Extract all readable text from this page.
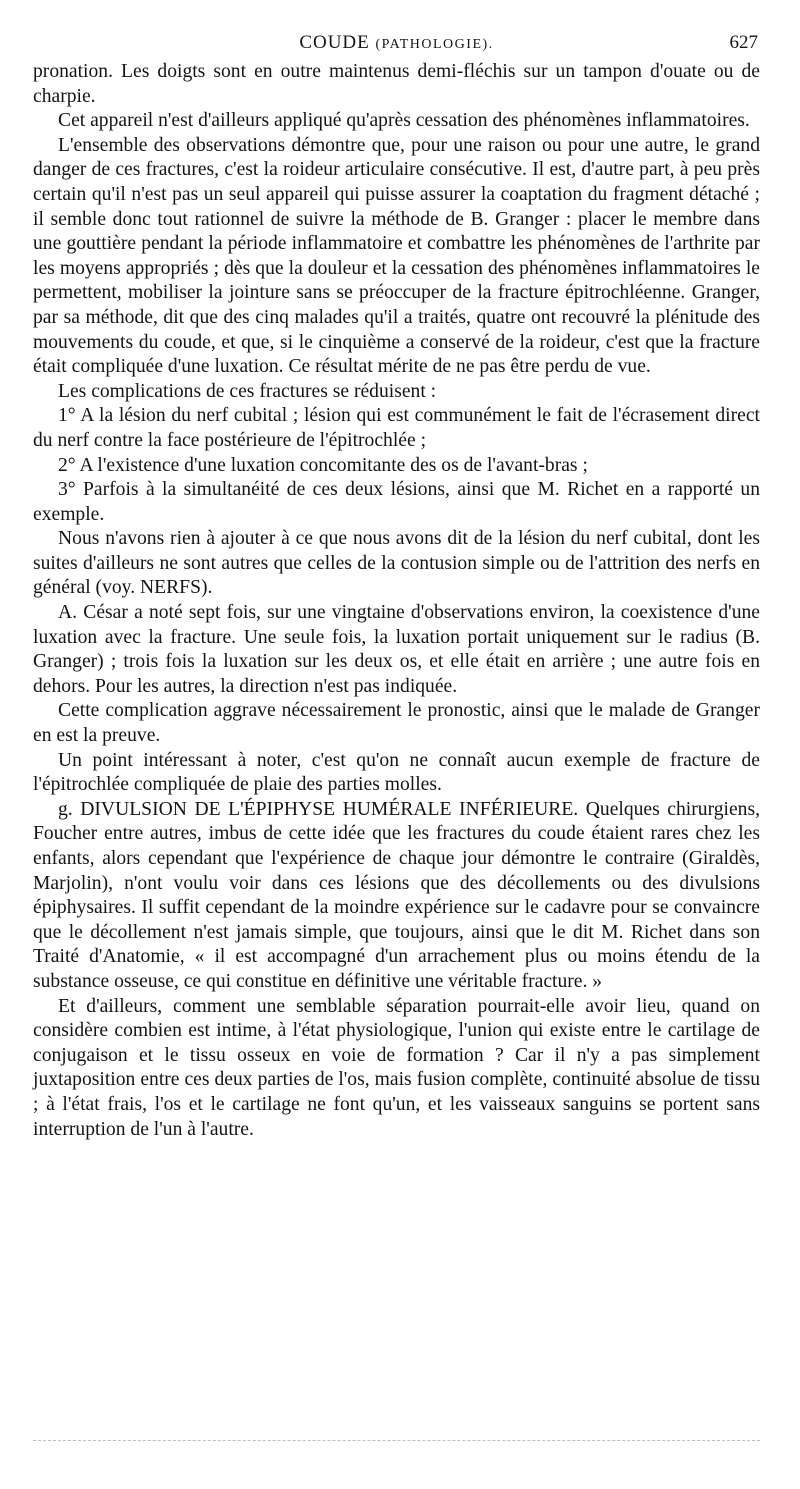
COUDE (PATHOLOGIE).	627

pronation. Les doigts sont en outre maintenus demi-fléchis sur un tampon d'ouate ou de charpie.

Cet appareil n'est d'ailleurs appliqué qu'après cessation des phénomènes inflammatoires.

L'ensemble des observations démontre que, pour une raison ou pour une autre, le grand danger de ces fractures, c'est la roideur articulaire consécutive. Il est, d'autre part, à peu près certain qu'il n'est pas un seul appareil qui puisse assurer la coaptation du fragment détaché ; il semble donc tout rationnel de suivre la méthode de B. Granger : placer le membre dans une gouttière pendant la période inflammatoire et combattre les phénomènes de l'arthrite par les moyens appropriés ; dès que la douleur et la cessation des phénomènes inflammatoires le permettent, mobiliser la jointure sans se préoccuper de la fracture épitrochléenne. Granger, par sa méthode, dit que des cinq malades qu'il a traités, quatre ont recouvré la plénitude des mouvements du coude, et que, si le cinquième a conservé de la roideur, c'est que la fracture était compliquée d'une luxation. Ce résultat mérite de ne pas être perdu de vue.

Les complications de ces fractures se réduisent :

1° A la lésion du nerf cubital ; lésion qui est communément le fait de l'écrasement direct du nerf contre la face postérieure de l'épitrochlée ;

2° A l'existence d'une luxation concomitante des os de l'avant-bras ;

3° Parfois à la simultanéité de ces deux lésions, ainsi que M. Richet en a rapporté un exemple.

Nous n'avons rien à ajouter à ce que nous avons dit de la lésion du nerf cubital, dont les suites d'ailleurs ne sont autres que celles de la contusion simple ou de l'attrition des nerfs en général (voy. NERFS).

A. César a noté sept fois, sur une vingtaine d'observations environ, la coexistence d'une luxation avec la fracture. Une seule fois, la luxation portait uniquement sur le radius (B. Granger) ; trois fois la luxation sur les deux os, et elle était en arrière ; une autre fois en dehors. Pour les autres, la direction n'est pas indiquée.

Cette complication aggrave nécessairement le pronostic, ainsi que le malade de Granger en est la preuve.

Un point intéressant à noter, c'est qu'on ne connaît aucun exemple de fracture de l'épitrochlée compliquée de plaie des parties molles.

g. DIVULSION DE L'ÉPIPHYSE HUMÉRALE INFÉRIEURE. Quelques chirurgiens, Foucher entre autres, imbus de cette idée que les fractures du coude étaient rares chez les enfants, alors cependant que l'expérience de chaque jour démontre le contraire (Giraldès, Marjolin), n'ont voulu voir dans ces lésions que des décollements ou des divulsions épiphysaires. Il suffit cependant de la moindre expérience sur le cadavre pour se convaincre que le décollement n'est jamais simple, que toujours, ainsi que le dit M. Richet dans son Traité d'Anatomie, « il est accompagné d'un arrachement plus ou moins étendu de la substance osseuse, ce qui constitue en définitive une véritable fracture. »

Et d'ailleurs, comment une semblable séparation pourrait-elle avoir lieu, quand on considère combien est intime, à l'état physiologique, l'union qui existe entre le cartilage de conjugaison et le tissu osseux en voie de formation ? Car il n'y a pas simplement juxtaposition entre ces deux parties de l'os, mais fusion complète, continuité absolue de tissu ; à l'état frais, l'os et le cartilage ne font qu'un, et les vaisseaux sanguins se portent sans interruption de l'un à l'autre.
